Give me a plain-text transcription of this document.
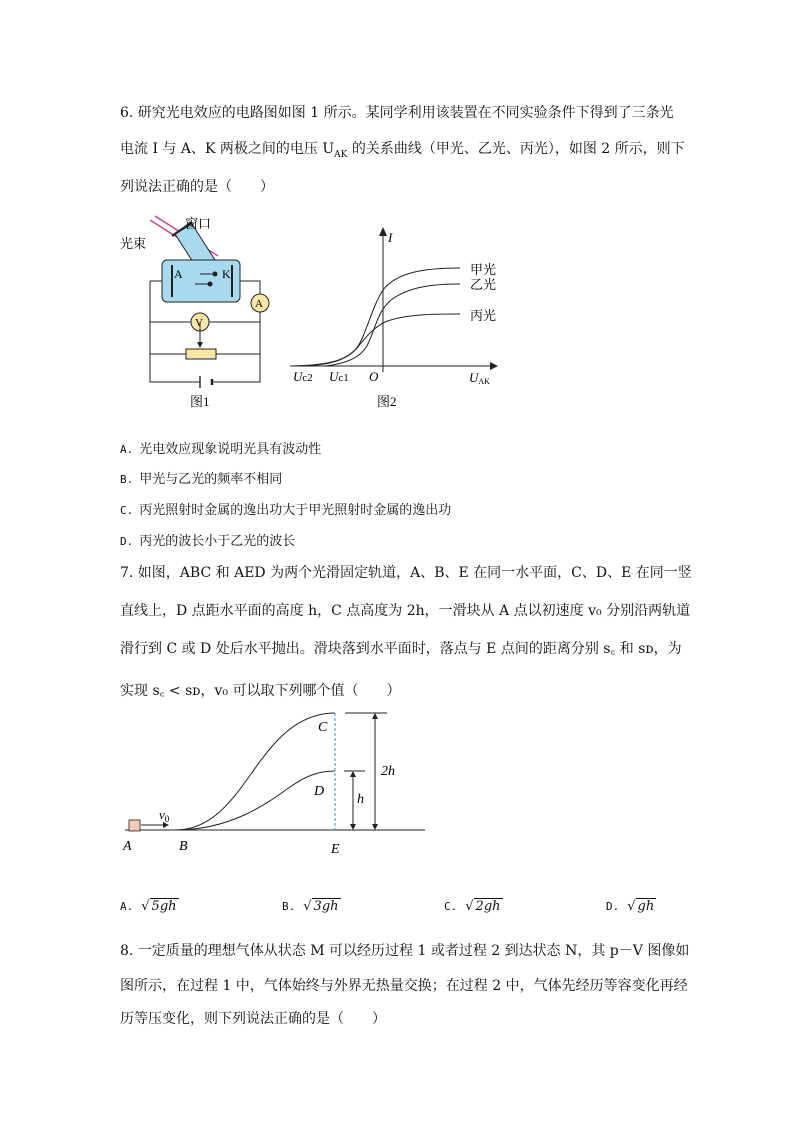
6. 研究光电效应的电路图如图 1 所示。某同学利用该装置在不同实验条件下得到了三条光
电流 I 与 A、K 两极之间的电压 $U_{AK}$ 的关系曲线（甲光、乙光、丙光），如图 2 所示，则下
列说法正确的是（　　）
A	K
A
V
窗口
光束
图1
I
UAK
O
Uc2 Uc1
甲光
乙光
丙光
图2
A. 光电效应现象说明光具有波动性
B. 甲光与乙光的频率不相同
C. 丙光照射时金属的逸出功大于甲光照射时金属的逸出功
D. 丙光的波长小于乙光的波长
7. 如图，ABC 和 AED 为两个光滑固定轨道，A、B、E 在同一水平面，C、D、E 在同一竖
直线上，D 点距水平面的高度 h，C 点高度为 2h，一滑块从 A 点以初速度 v₀ 分别沿两轨道
滑行到 C 或 D 处后水平抛出。滑块落到水平面时，落点与 E 点间的距离分别 s꜀ 和 sᴅ，为
实现 s꜀ < sᴅ，v₀ 可以取下列哪个值（　　）
C
D
h
2h
A	B	E
$v_0$
A. √ 5gh	B. √ 3gh	C. √ 2gh	D. √ gh
8. 一定质量的理想气体从状态 M 可以经历过程 1 或者过程 2 到达状态 N，其 p－V 图像如
图所示，在过程 1 中，气体始终与外界无热量交换；在过程 2 中，气体先经历等容变化再经
历等压变化，则下列说法正确的是（　　）
